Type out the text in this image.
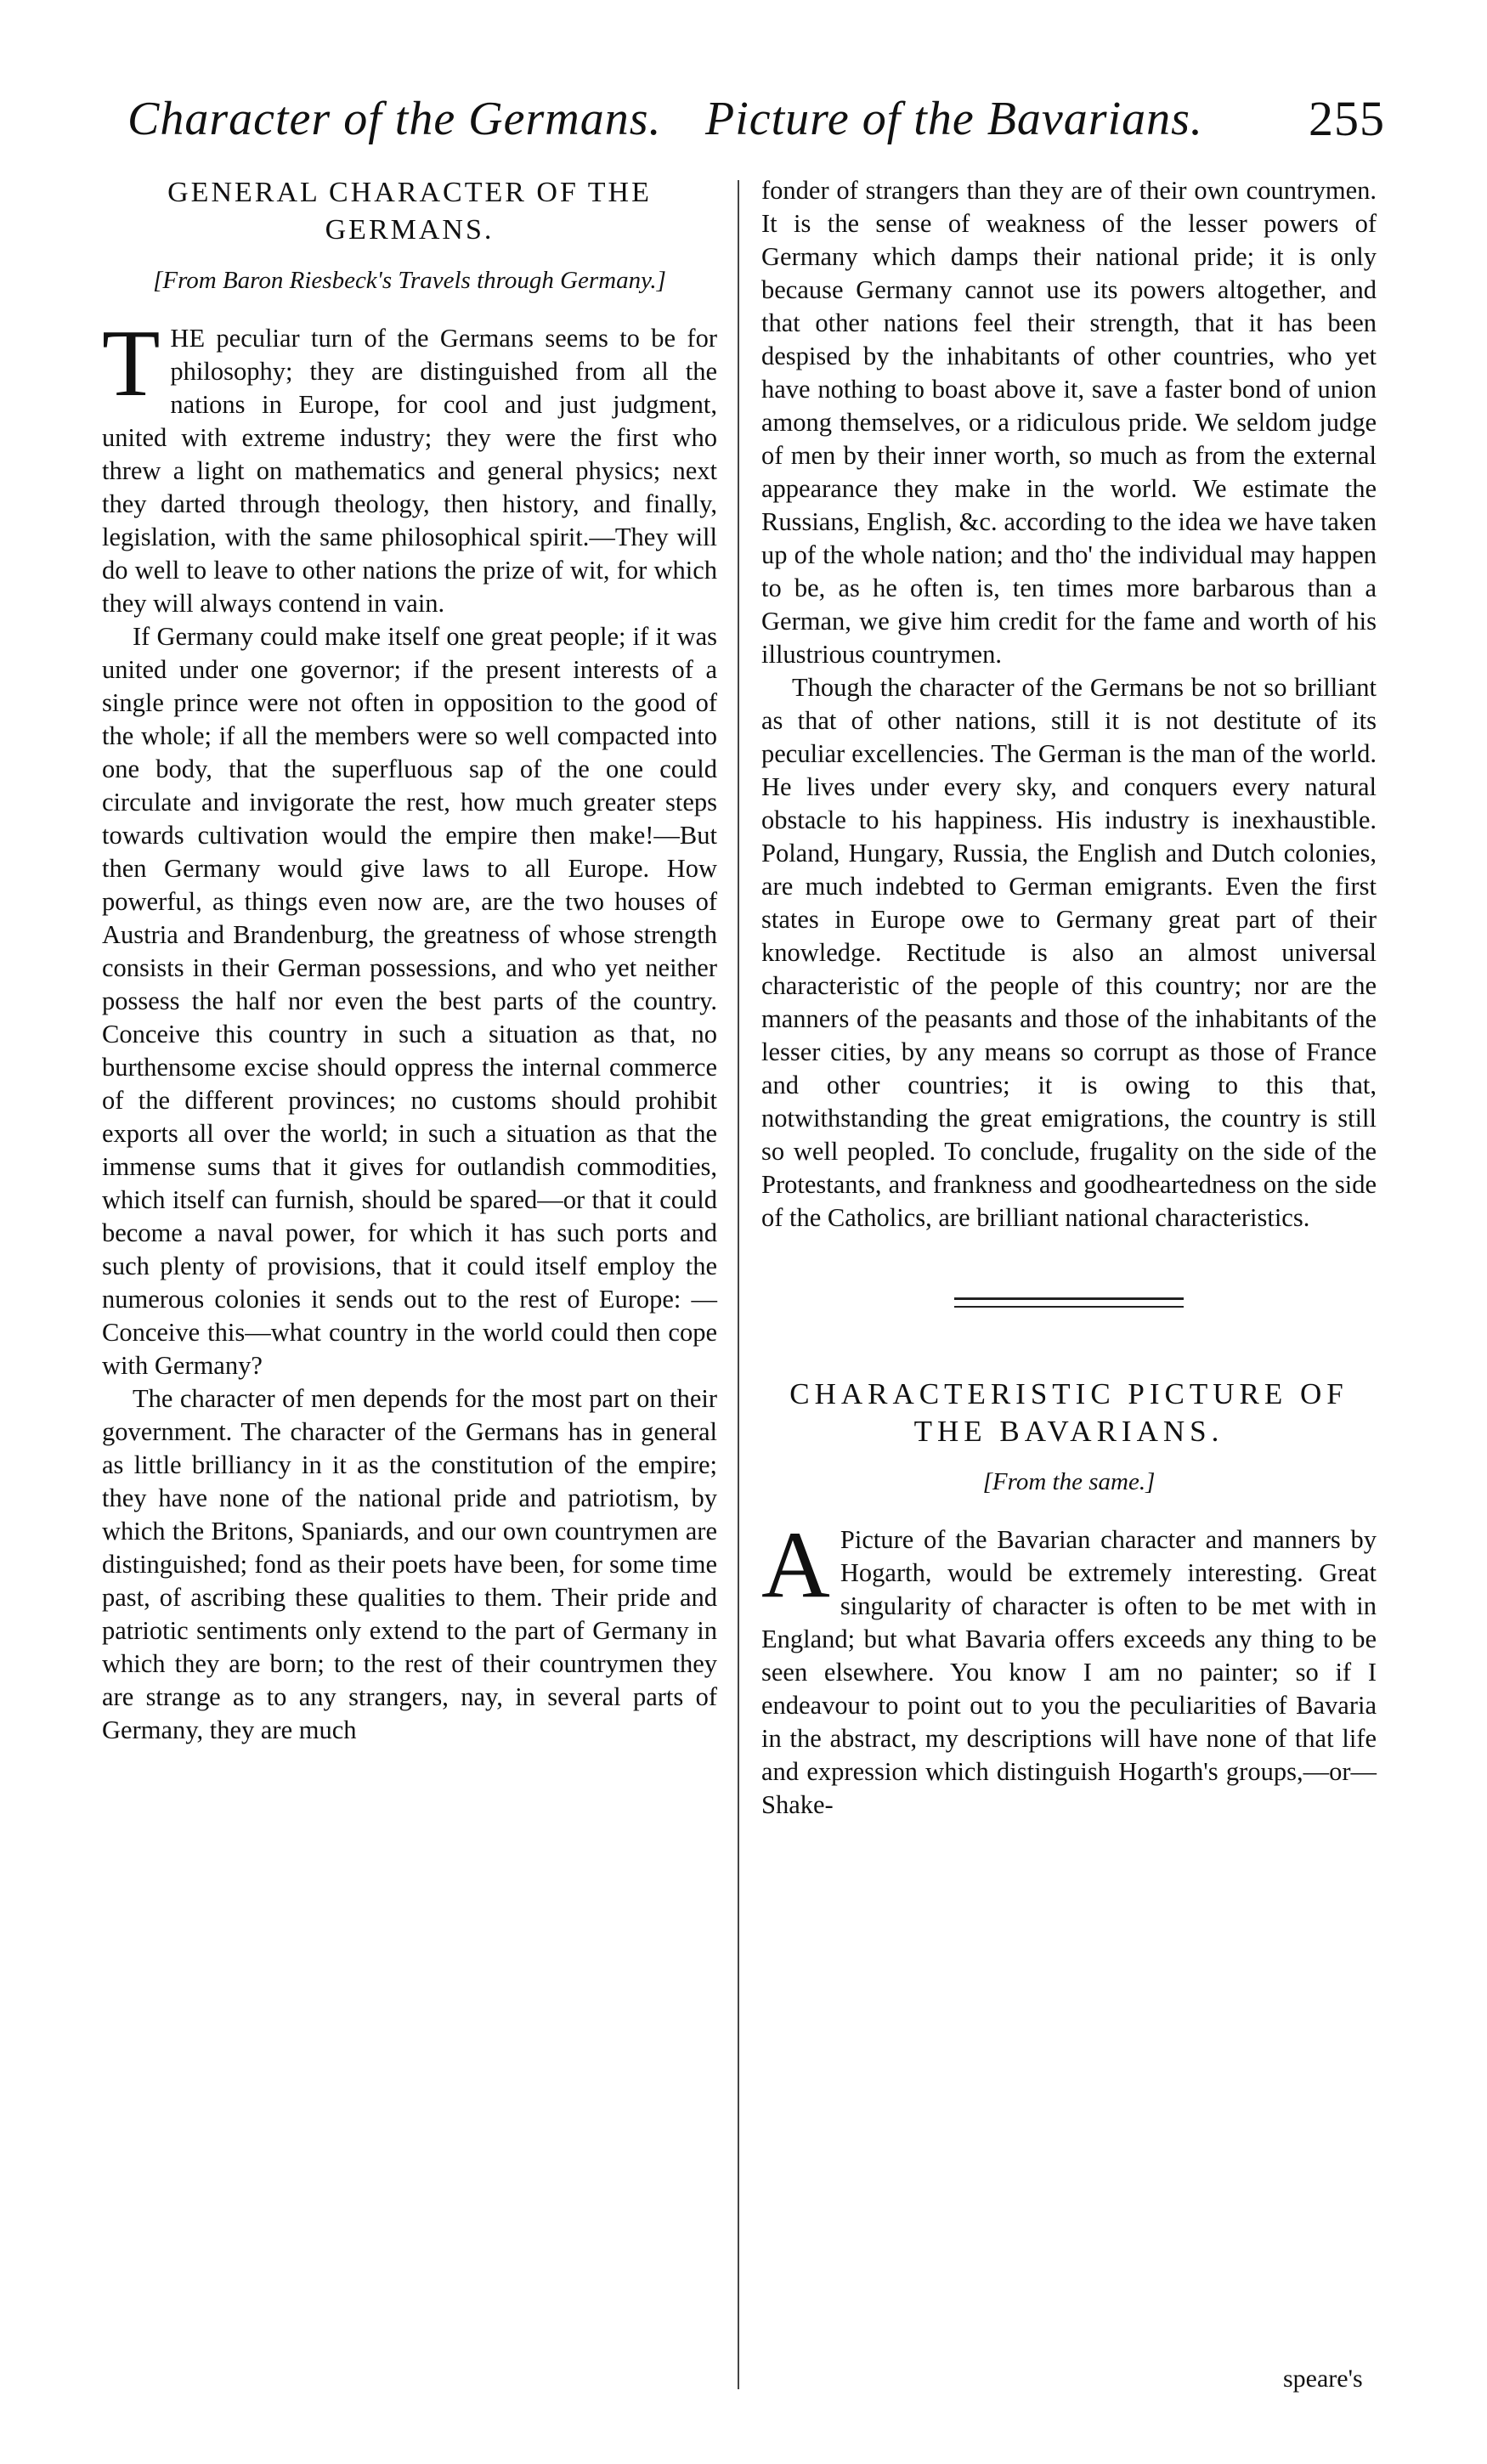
Character of the Germans. Picture of the Bavarians. 255
GENERAL CHARACTER OF THE GERMANS.
[From Baron Riesbeck's Travels through Germany.]

THE peculiar turn of the Germans seems to be for philosophy; they are distinguished from all the nations in Europe, for cool and just judgment, united with extreme industry; they were the first who threw a light on mathematics and general physics; next they darted through theology, then history, and finally, legislation, with the same philosophical spirit.—They will do well to leave to other nations the prize of wit, for which they will always contend in vain.

If Germany could make itself one great people; if it was united under one governor; if the present interests of a single prince were not often in opposition to the good of the whole; if all the members were so well compacted into one body, that the superfluous sap of the one could circulate and invigorate the rest, how much greater steps towards cultivation would the empire then make!—But then Germany would give laws to all Europe. How powerful, as things even now are, are the two houses of Austria and Brandenburg, the greatness of whose strength consists in their German possessions, and who yet neither possess the half nor even the best parts of the country. Conceive this country in such a situation as that, no burthensome excise should oppress the internal commerce of the different provinces; no customs should prohibit exports all over the world; in such a situation as that the immense sums that it gives for outlandish commodities, which itself can furnish, should be spared—or that it could become a naval power, for which it has such ports and such plenty of provisions, that it could itself employ the numerous colonies it sends out to the rest of Europe: —Conceive this—what country in the world could then cope with Germany?

The character of men depends for the most part on their government. The character of the Germans has in general as little brilliancy in it as the constitution of the empire; they have none of the national pride and patriotism, by which the Britons, Spaniards, and our own countrymen are distinguished; fond as their poets have been, for some time past, of ascribing these qualities to them. Their pride and patriotic sentiments only extend to the part of Germany in which they are born; to the rest of their countrymen they are strange as to any strangers, nay, in several parts of Germany, they are much

fonder of strangers than they are of their own countrymen. It is the sense of weakness of the lesser powers of Germany which damps their national pride; it is only because Germany cannot use its powers altogether, and that other nations feel their strength, that it has been despised by the inhabitants of other countries, who yet have nothing to boast above it, save a faster bond of union among themselves, or a ridiculous pride. We seldom judge of men by their inner worth, so much as from the external appearance they make in the world. We estimate the Russians, English, &c. according to the idea we have taken up of the whole nation; and tho' the individual may happen to be, as he often is, ten times more barbarous than a German, we give him credit for the fame and worth of his illustrious countrymen.

Though the character of the Germans be not so brilliant as that of other nations, still it is not destitute of its peculiar excellencies. The German is the man of the world. He lives under every sky, and conquers every natural obstacle to his happiness. His industry is inexhaustible. Poland, Hungary, Russia, the English and Dutch colonies, are much indebted to German emigrants. Even the first states in Europe owe to Germany great part of their knowledge. Rectitude is also an almost universal characteristic of the people of this country; nor are the manners of the peasants and those of the inhabitants of the lesser cities, by any means so corrupt as those of France and other countries; it is owing to this that, notwithstanding the great emigrations, the country is still so well peopled. To conclude, frugality on the side of the Protestants, and frankness and goodheartedness on the side of the Catholics, are brilliant national characteristics.

CHARACTERISTIC PICTURE OF THE BAVARIANS.
[From the same.]

A Picture of the Bavarian character and manners by Hogarth, would be extremely interesting. Great singularity of character is often to be met with in England; but what Bavaria offers exceeds any thing to be seen elsewhere. You know I am no painter; so if I endeavour to point out to you the peculiarities of Bavaria in the abstract, my descriptions will have none of that life and expression which distinguish Hogarth's groups,—or—Shake-

speare's
